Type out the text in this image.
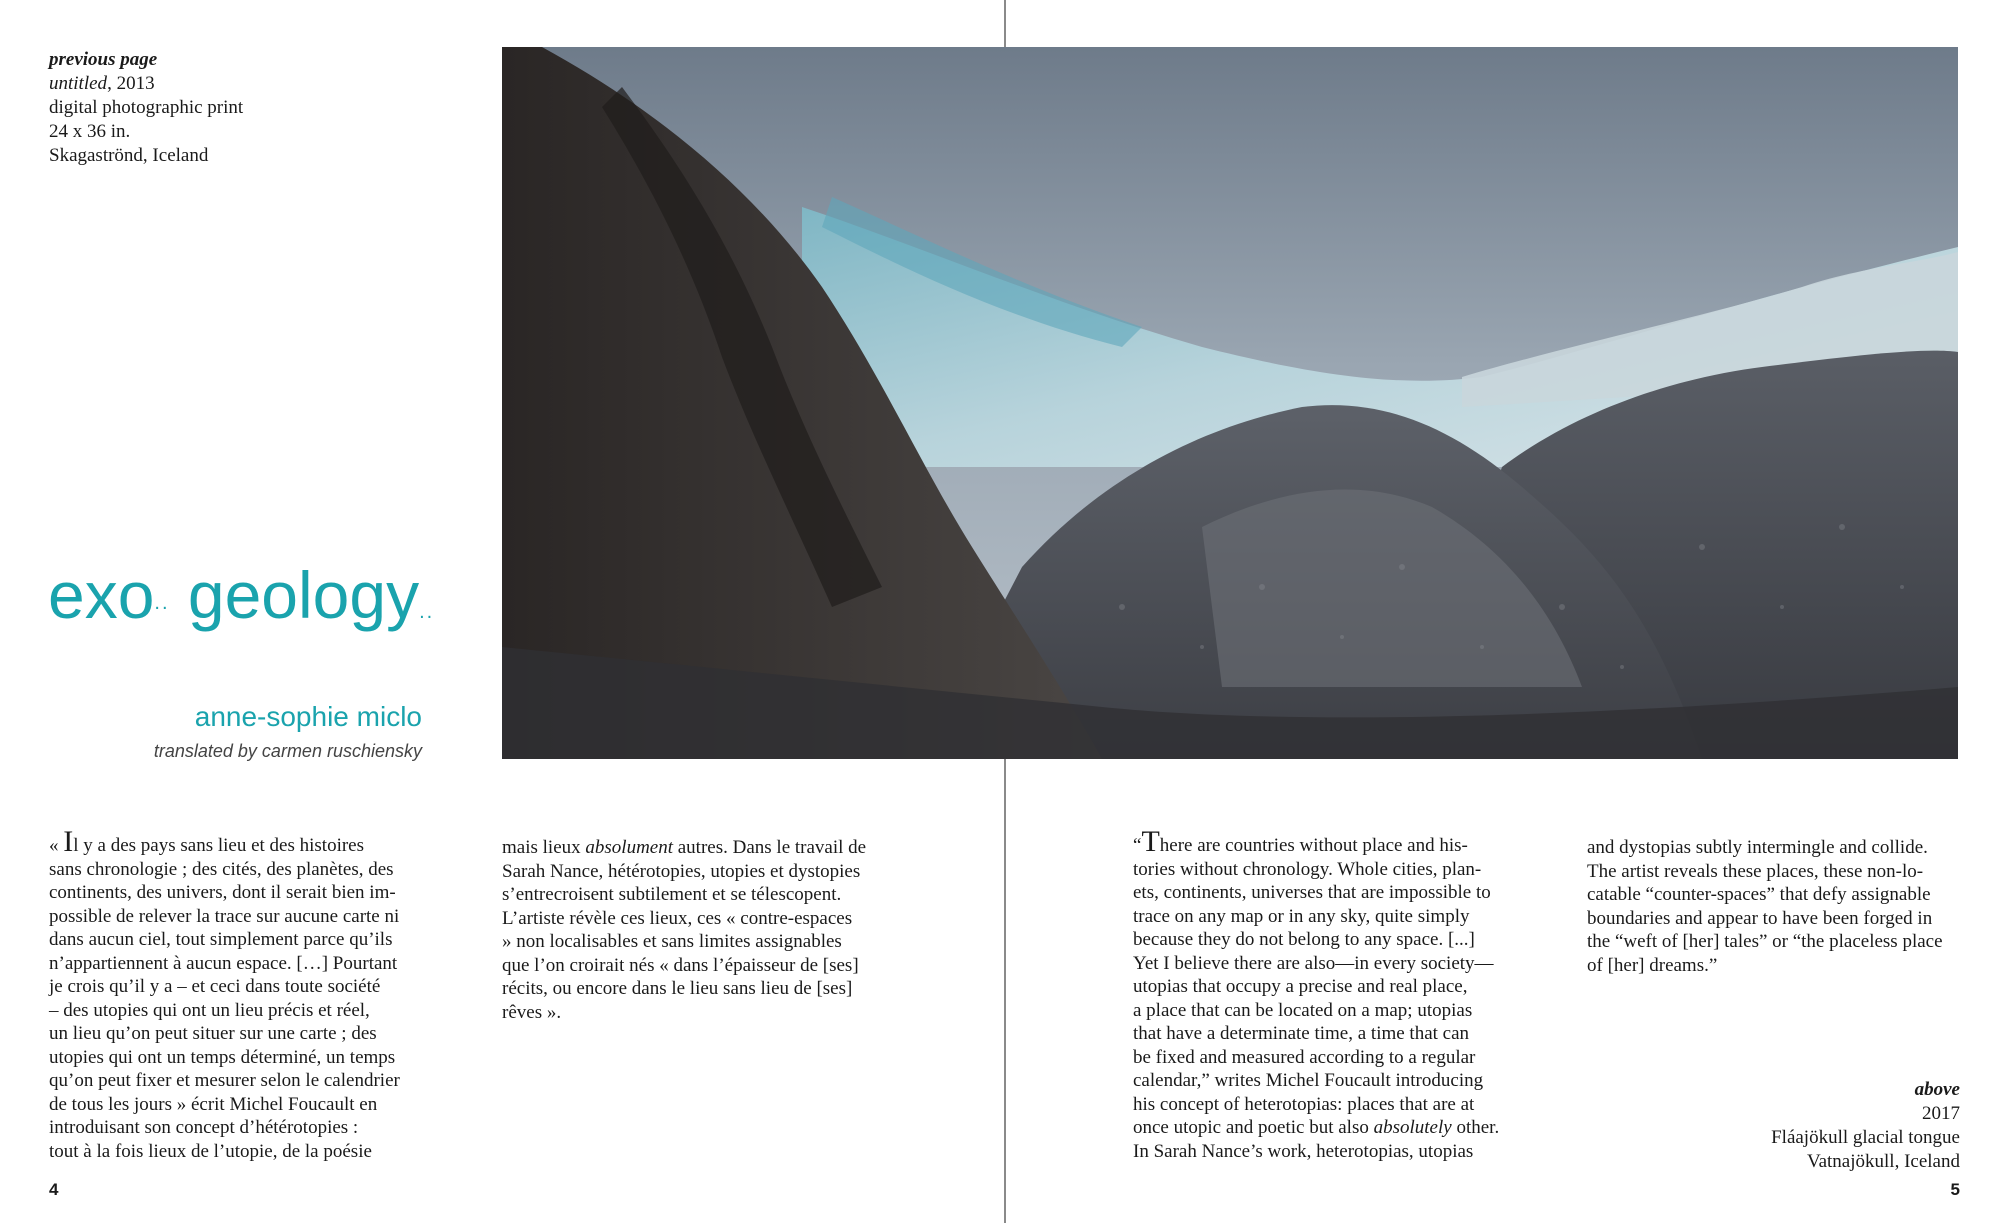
previous page
untitled, 2013
digital photographic print
24 x 36 in.
Skagaströnd, Iceland
exo.. geology..
anne-sophie miclo
translated by carmen ruschiensky

« Il y a des pays sans lieu et des histoires
sans chronologie ; des cités, des planètes, des
continents, des univers, dont il serait bien im-
possible de relever la trace sur aucune carte ni
dans aucun ciel, tout simplement parce qu’ils
n’appartiennent à aucun espace. […] Pourtant
je crois qu’il y a – et ceci dans toute société
– des utopies qui ont un lieu précis et réel,
un lieu qu’on peut situer sur une carte ; des
utopies qui ont un temps déterminé, un temps
qu’on peut fixer et mesurer selon le calendrier
de tous les jours » écrit Michel Foucault en
introduisant son concept d’hétérotopies :
tout à la fois lieux de l’utopie, de la poésie

mais lieux absolument autres. Dans le travail de
Sarah Nance, hétérotopies, utopies et dystopies
s’entrecroisent subtilement et se télescopent.
L’artiste révèle ces lieux, ces « contre-espaces
» non localisables et sans limites assignables
que l’on croirait nés « dans l’épaisseur de [ses]
récits, ou encore dans le lieu sans lieu de [ses]
rêves ».

“There are countries without place and his-
tories without chronology. Whole cities, plan-
ets, continents, universes that are impossible to
trace on any map or in any sky, quite simply
because they do not belong to any space. [...]
Yet I believe there are also—in every society—
utopias that occupy a precise and real place,
a place that can be located on a map; utopias
that have a determinate time, a time that can
be fixed and measured according to a regular
calendar,” writes Michel Foucault introducing
his concept of heterotopias: places that are at
once utopic and poetic but also absolutely other.
In Sarah Nance’s work, heterotopias, utopias

and dystopias subtly intermingle and collide.
The artist reveals these places, these non-lo-
catable “counter-spaces” that defy assignable
boundaries and appear to have been forged in
the “weft of [her] tales” or “the placeless place
of [her] dreams.”

above
2017
Fláajökull glacial tongue
Vatnajökull, Iceland
4	5
